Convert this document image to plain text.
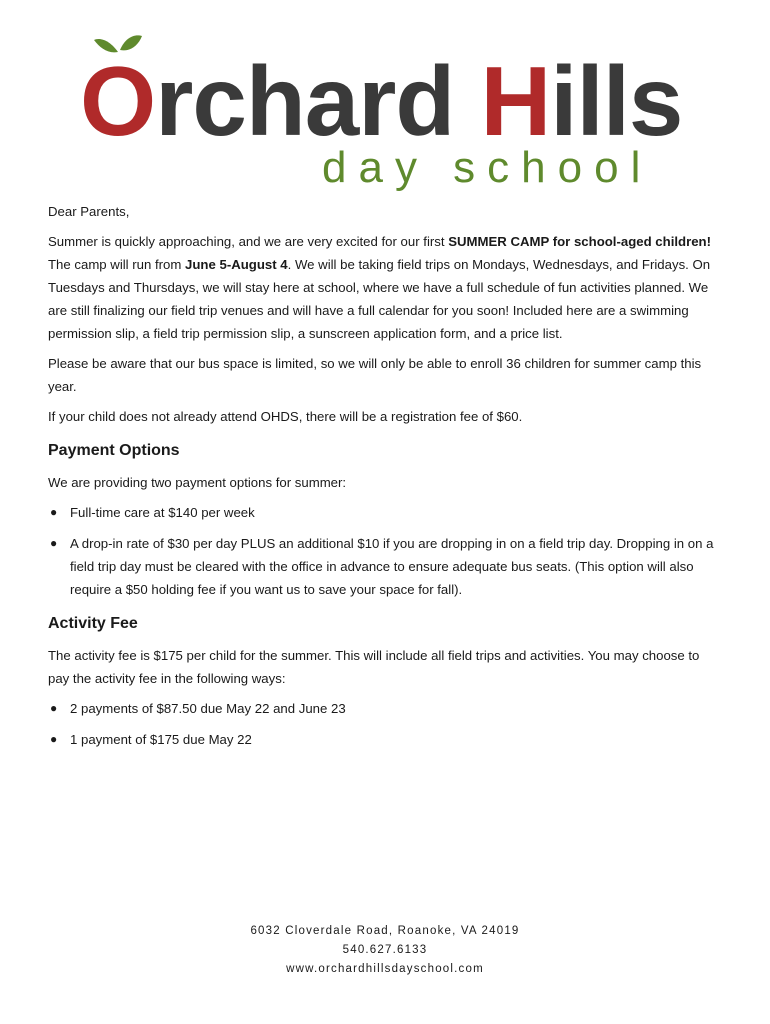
Orchard Hills
day school

Dear Parents,

Summer is quickly approaching, and we are very excited for our first SUMMER CAMP for school-aged children! The camp will run from June 5-August 4. We will be taking field trips on Mondays, Wednesdays, and Fridays. On Tuesdays and Thursdays, we will stay here at school, where we have a full schedule of fun activities planned. We are still finalizing our field trip venues and will have a full calendar for you soon! Included here are a swimming permission slip, a field trip permission slip, a sunscreen application form, and a price list.

Please be aware that our bus space is limited, so we will only be able to enroll 36 children for summer camp this year.

If your child does not already attend OHDS, there will be a registration fee of $60.

Payment Options

We are providing two payment options for summer:

● Full-time care at $140 per week
● A drop-in rate of $30 per day PLUS an additional $10 if you are dropping in on a field trip day. Dropping in on a field trip day must be cleared with the office in advance to ensure adequate bus seats. (This option will also require a $50 holding fee if you want us to save your space for fall).
Activity Fee

The activity fee is $175 per child for the summer. This will include all field trips and activities. You may choose to pay the activity fee in the following ways:

● 2 payments of $87.50 due May 22 and June 23
● 1 payment of $175 due May 22
6032 Cloverdale Road, Roanoke, VA 24019
540.627.6133
www.orchardhillsdayschool.com
